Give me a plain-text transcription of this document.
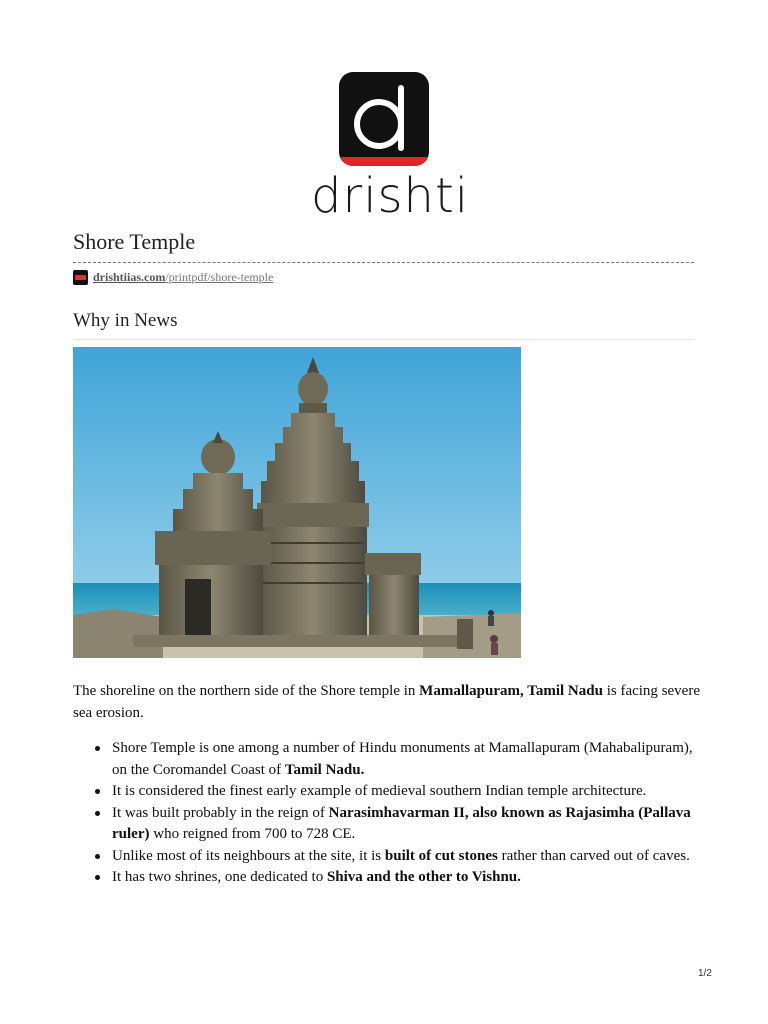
drishti
Shore Temple
drishtiias.com /printpdf/shore-temple
Why in News

The shoreline on the northern side of the Shore temple in Mamallapuram, Tamil Nadu is facing severe sea erosion.

Shore Temple is one among a number of Hindu monuments at Mamallapuram (Mahabalipuram), on the Coromandel Coast of Tamil Nadu.
It is considered the finest early example of medieval southern Indian temple architecture.
It was built probably in the reign of Narasimhavarman II, also known as Rajasimha (Pallava ruler) who reigned from 700 to 728 CE.
Unlike most of its neighbours at the site, it is built of cut stones rather than carved out of caves.
It has two shrines, one dedicated to Shiva and the other to Vishnu.
1/2
